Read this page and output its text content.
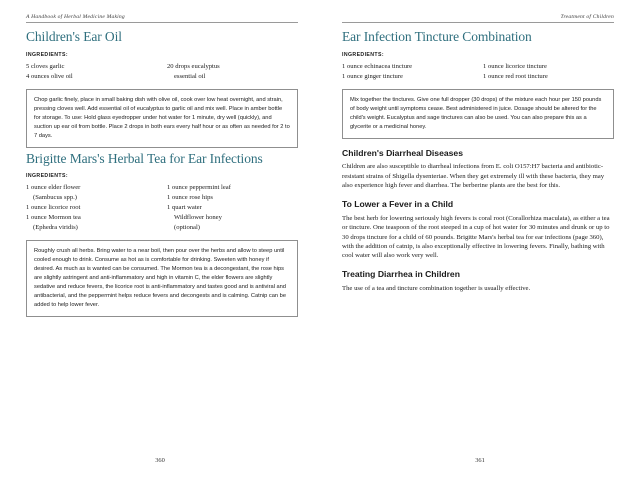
A Handbook of Herbal Medicine Making
Children's Ear Oil
INGREDIENTS:
5 cloves garlic
4 ounces olive oil
20 drops eucalyptus
essential oil
Chop garlic finely, place in small baking dish with olive oil, cook over low heat overnight, and strain, pressing cloves well. Add essential oil of eucalyptus to garlic oil and mix well. Place in amber bottle for storage. To use: Hold glass eyedropper under hot water for 1 minute, dry well (quickly), and suction up ear oil from bottle. Place 2 drops in both ears every half hour or as often as needed for 2 to 7 days.
Brigitte Mars's Herbal Tea for Ear Infections
INGREDIENTS:
1 ounce elder flower
(Sambucus spp.)
1 ounce licorice root
1 ounce Mormon tea
(Ephedra viridis)
1 ounce peppermint leaf
1 ounce rose hips
1 quart water
Wildflower honey
(optional)
Roughly crush all herbs. Bring water to a near boil, then pour over the herbs and allow to steep until cooled enough to drink. Consume as hot as is comfortable for drinking. Sweeten with honey if desired. As much as is wanted can be consumed. The Mormon tea is a decongestant, the rose hips are slightly astringent and anti-inflammatory and high in vitamin C, the elder flowers are slightly sedative and reduce fevers, the licorice root is anti-inflammatory and tastes good and is antiviral and antibacterial, and the peppermint helps reduce fevers and decongests and is calming. Catnip can be added to help lower fever.
360
Treatment of Children
Ear Infection Tincture Combination
INGREDIENTS:
1 ounce echinacea tincture
1 ounce ginger tincture
1 ounce licorice tincture
1 ounce red root tincture
Mix together the tinctures. Give one full dropper (30 drops) of the mixture each hour per 150 pounds of body weight until symptoms cease. Best administered in juice. Dosage should be altered for the child's weight. Eucalyptus and sage tinctures can also be used. You can also prepare this as a glycerite or a medicinal honey.
Children's Diarrheal Diseases

Children are also susceptible to diarrheal infections from E. coli O157:H7 bacteria and antibiotic-resistant strains of Shigella dysenteriae. When they get extremely ill with these bacteria, they may also experience high fever and diarrhea. The berberine plants are the best for this.

To Lower a Fever in a Child

The best herb for lowering seriously high fevers is coral root (Corallorhiza maculata), as either a tea or tincture. One teaspoon of the root steeped in a cup of hot water for 30 minutes and drunk or up to 30 drops tincture for a child of 60 pounds. Brigitte Mars's herbal tea for ear infections (page 360), with the addition of catnip, is also exceptionally effective in lowering fevers. Finally, bathing with cool water will also work very well.

Treating Diarrhea in Children

The use of a tea and tincture combination together is usually effective.

361
